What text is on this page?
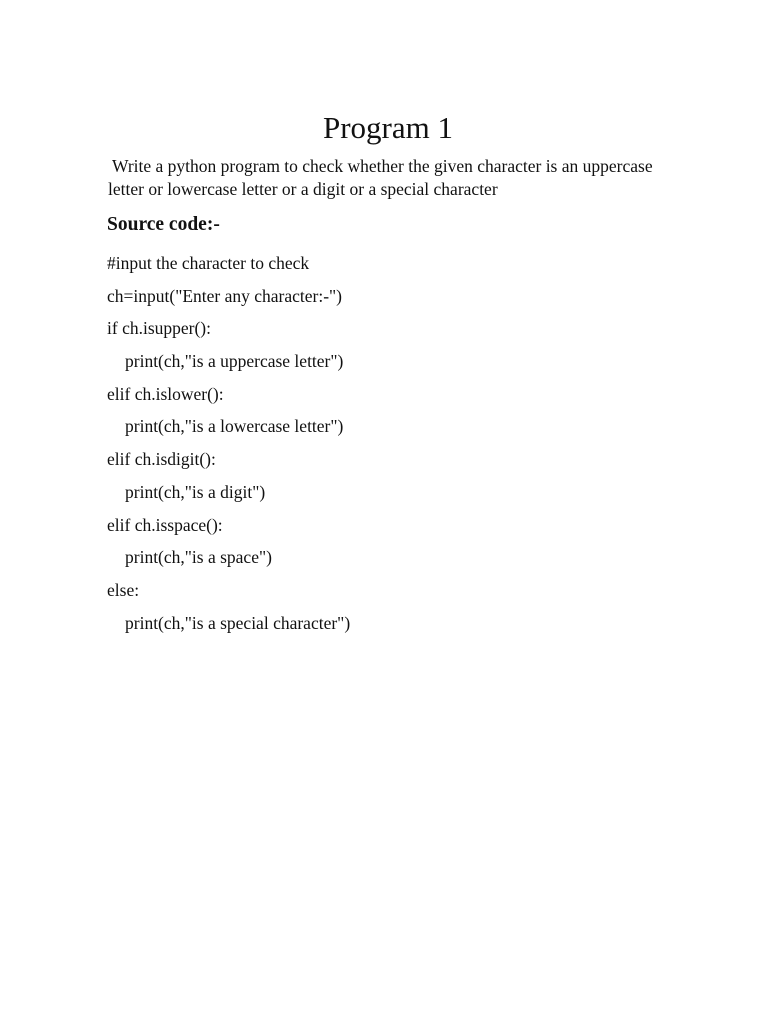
Program 1

Write a python program to check whether the given character is an uppercase
letter or lowercase letter or a digit or a special character

Source code:-
#input the character to check
ch=input("Enter any character:-")
if ch.isupper():
print(ch,"is a uppercase letter")
elif ch.islower():
print(ch,"is a lowercase letter")
elif ch.isdigit():
print(ch,"is a digit")
elif ch.isspace():
print(ch,"is a space")
else:
print(ch,"is a special character")
